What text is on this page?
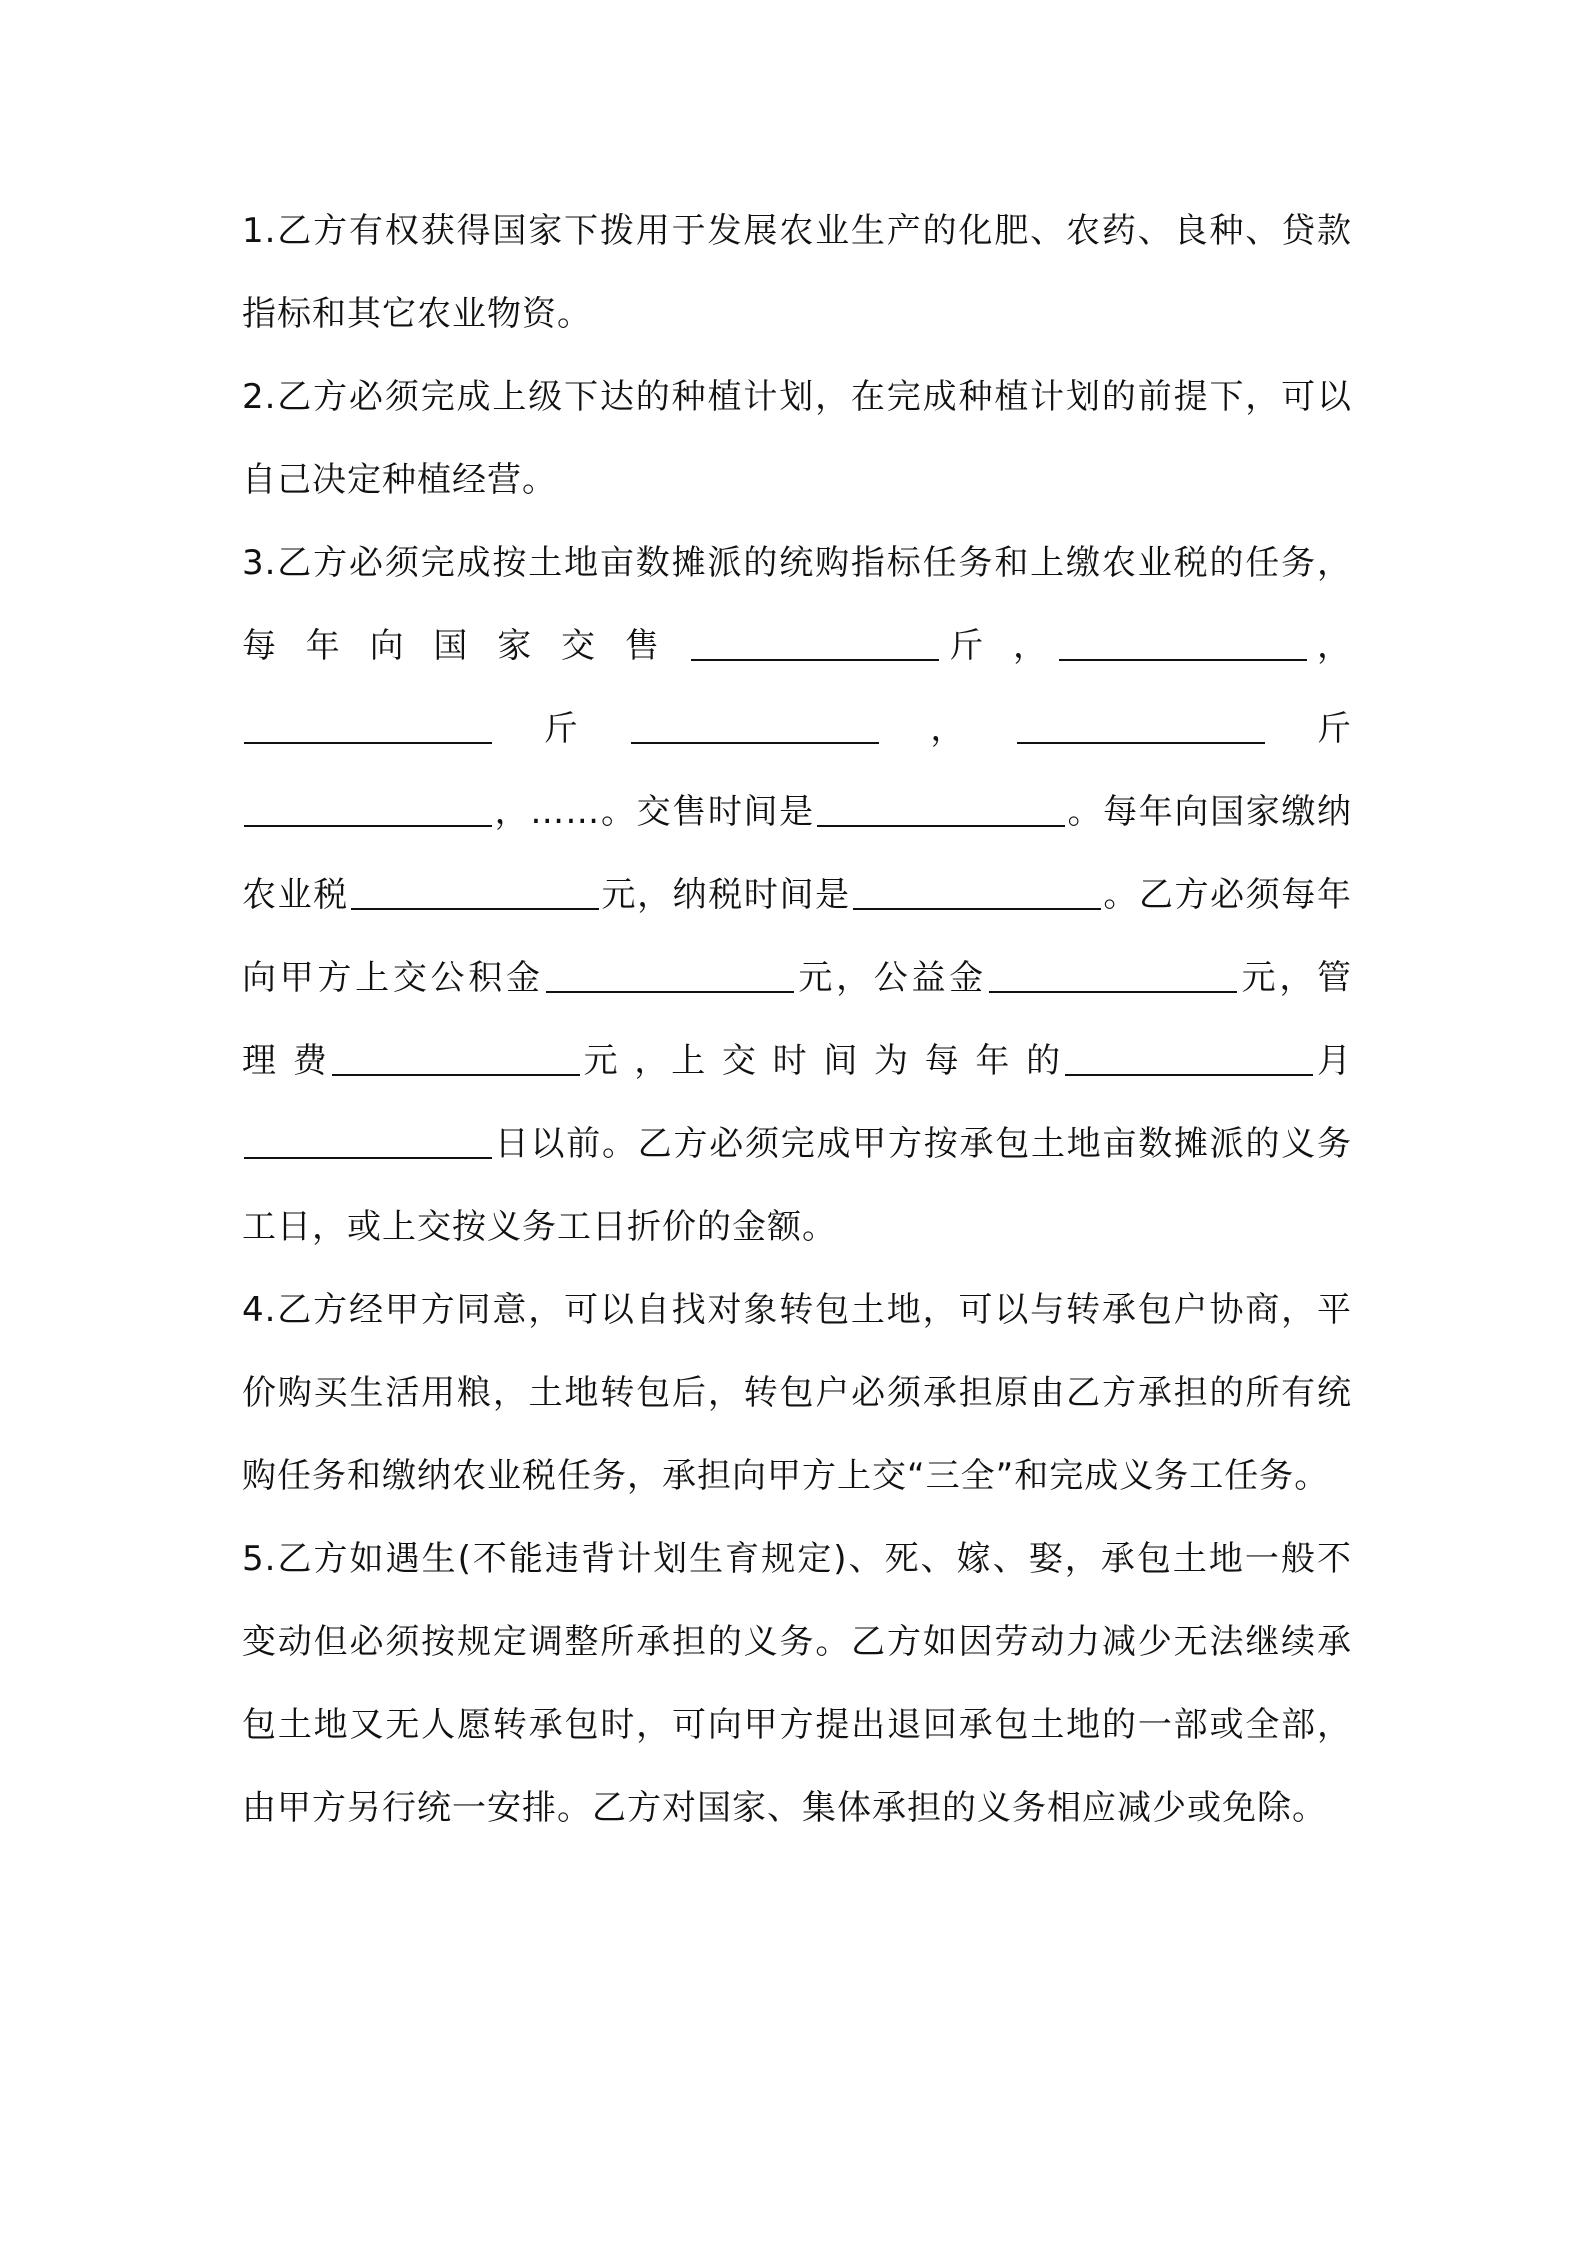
1.乙方有权获得国家下拨用于发展农业生产的化肥、农药、良种、贷款指标和其它农业物资。

2.乙方必须完成上级下达的种植计划，在完成种植计划的前提下，可以自己决定种植经营。

3.乙方必须完成按土地亩数摊派的统购指标任务和上缴农业税的任务， 每 年 向 国 家 交 售	斤 ，	，斤	，	斤，……。交售时间是	。每年向国家缴纳农业税	元，纳税时间是	。乙方必须每年向甲方上交公积金	元，公益金	元，管 理 费	元 ，上 交 时 间 为 每 年 的	月日以前。乙方必须完成甲方按承包土地亩数摊派的义务工日，或上交按义务工日折价的金额。

4.乙方经甲方同意，可以自找对象转包土地，可以与转承包户协商，平价购买生活用粮，土地转包后，转包户必须承担原由乙方承担的所有统购任务和缴纳农业税任务，承担向甲方上交“三全”和完成义务工任务。

5.乙方如遇生(不能违背计划生育规定)、死、嫁、娶，承包土地一般不变动但必须按规定调整所承担的义务。乙方如因劳动力减少无法继续承包土地又无人愿转承包时，可向甲方提出退回承包土地的一部或全部，由甲方另行统一安排。乙方对国家、集体承担的义务相应减少或免除。
